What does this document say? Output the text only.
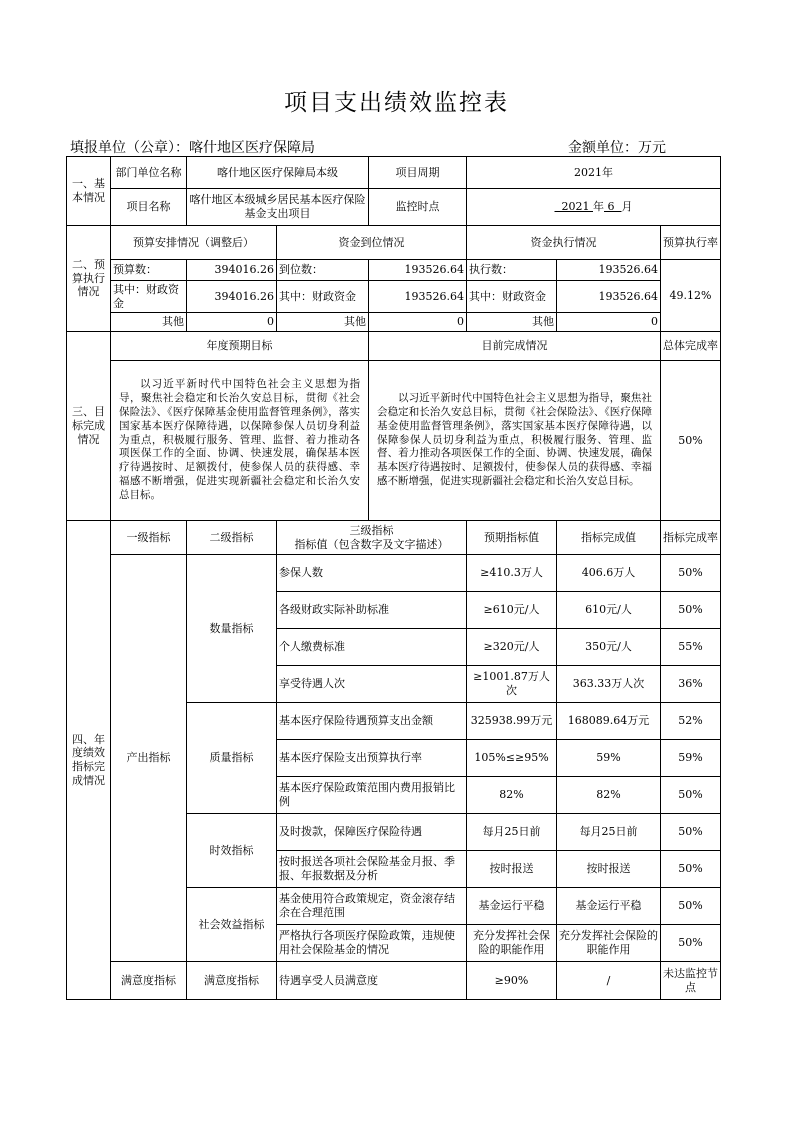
项目支出绩效监控表
填报单位（公章）：喀什地区医疗保障局	金额单位：万元
一、基本情况	部门单位名称	喀什地区医疗保障局本级		项目周期	2021年		
	项目名称	喀什地区本级城乡居民基本医疗保险基金支出项目		监控时点	2021 年 6 月		
二、预算执行情况	预算安排情况（调整后）		资金到位情况		资金执行情况		预算执行率
	预算数：	394016.26	到位数：	193526.64	执行数：	193526.64	49.12%
	其中：财政资金	394016.26	其中：财政资金	193526.64	其中：财政资金	193526.64	
	其他	0	其他	0	其他	0	
三、目标完成情况	年度预期目标			目前完成情况			总体完成率
	以习近平新时代中国特色社会主义思想为指导，聚焦社会稳定和长治久安总目标，贯彻《社会保险法》、《医疗保障基金使用监督管理条例》，落实国家基本医疗保障待遇，以保障参保人员切身利益为重点，积极履行服务、管理、监督、着力推动各项医保工作的全面、协调、快速发展，确保基本医疗待遇按时、足额拨付，使参保人员的获得感、幸福感不断增强，促进实现新疆社会稳定和长治久安总目标。			以习近平新时代中国特色社会主义思想为指导，聚焦社会稳定和长治久安总目标，贯彻《社会保险法》、《医疗保障基金使用监督管理条例》，落实国家基本医疗保障待遇，以保障参保人员切身利益为重点，积极履行服务、管理、监督、着力推动各项医保工作的全面、协调、快速发展，确保基本医疗待遇按时、足额拨付，使参保人员的获得感、幸福感不断增强，促进实现新疆社会稳定和长治久安总目标。			50%
四、年度绩效指标完成情况	一级指标	二级指标	三级指标
指标值（包含数字及文字描述）		预期指标值	指标完成值	指标完成率
	产出指标	数量指标	参保人数		≥410.3万人	406.6万人	50%
			各级财政实际补助标准		≥610元/人	610元/人	50%
			个人缴费标准		≥320元/人	350元/人	55%
			享受待遇人次		≥1001.87万人次	363.33万人次	36%
		质量指标	基本医疗保险待遇预算支出金额		325938.99万元	168089.64万元	52%
			基本医疗保险支出预算执行率		105%≤≥95%	59%	59%
			基本医疗保险政策范围内费用报销比例		82%	82%	50%
		时效指标	及时拨款，保障医疗保险待遇		每月25日前	每月25日前	50%
			按时报送各项社会保险基金月报、季报、年报数据及分析		按时报送	按时报送	50%
		社会效益指标	基金使用符合政策规定，资金滚存结余在合理范围		基金运行平稳	基金运行平稳	50%
			严格执行各项医疗保险政策，违规使用社会保险基金的情况		充分发挥社会保险的职能作用	充分发挥社会保险的职能作用	50%
	满意度指标	满意度指标	待遇享受人员满意度		≥90%	/	未达监控节点
